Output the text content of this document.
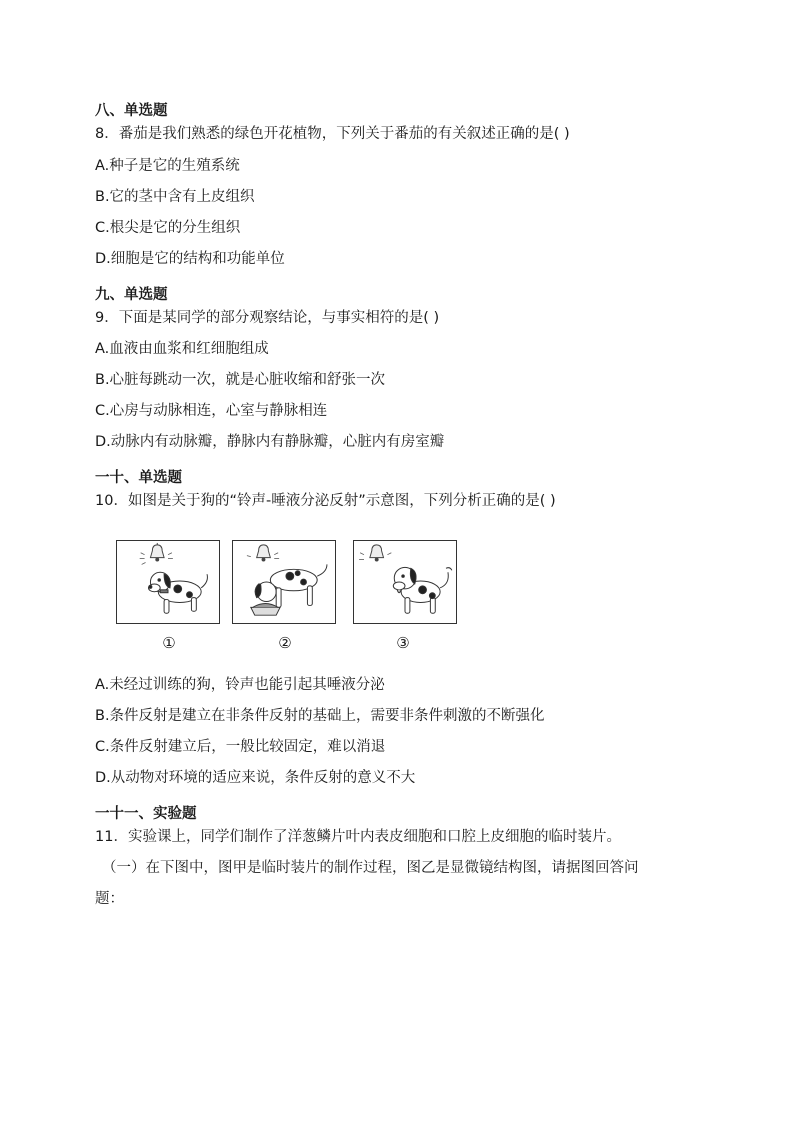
八、单选题
8．番茄是我们熟悉的绿色开花植物，下列关于番茄的有关叙述正确的是( )
A.种子是它的生殖系统
B.它的茎中含有上皮组织
C.根尖是它的分生组织
D.细胞是它的结构和功能单位
九、单选题
9．下面是某同学的部分观察结论，与事实相符的是( )
A.血液由血浆和红细胞组成
B.心脏每跳动一次，就是心脏收缩和舒张一次
C.心房与动脉相连，心室与静脉相连
D.动脉内有动脉瓣，静脉内有静脉瓣，心脏内有房室瓣
一十、单选题
10．如图是关于狗的“铃声-唾液分泌反射”示意图，下列分析正确的是( )
①	②	③
A.未经过训练的狗，铃声也能引起其唾液分泌
B.条件反射是建立在非条件反射的基础上，需要非条件刺激的不断强化
C.条件反射建立后，一般比较固定，难以消退
D.从动物对环境的适应来说，条件反射的意义不大
一十一、实验题
11．实验课上，同学们制作了洋葱鳞片叶内表皮细胞和口腔上皮细胞的临时装片。
（一）在下图中，图甲是临时装片的制作过程，图乙是显微镜结构图，请据图回答问
题：
